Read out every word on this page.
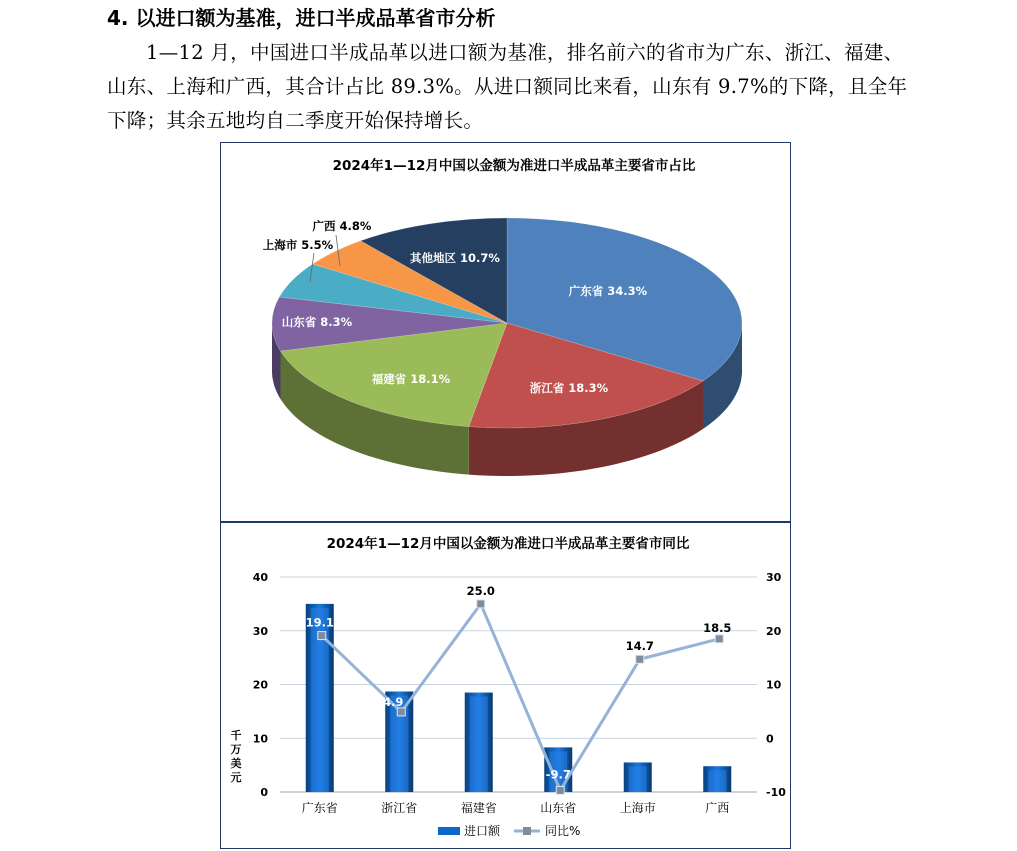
4. 以进口额为基准，进口半成品革省市分析
1—12 月，中国进口半成品革以进口额为基准，排名前六的省市为广东、浙江、福建、山东、上海和广西，其合计占比 89.3%。从进口额同比来看，山东有 9.7%的下降，且全年下降；其余五地均自二季度开始保持增长。
2024年1—12月中国以金额为准进口半成品革主要省市占比
广东省 34.3%
浙江省 18.3%
福建省 18.1%
山东省 8.3%
上海市 5.5%
广西 4.8%
其他地区 10.7%
2024年1—12月中国以金额为准进口半成品革主要省市同比
0
10
20
30
40
-10
0
10
20
30
千万美元
19.1
4.9
25.0
-9.7
14.7
18.5
广东省	浙江省	福建省	山东省	上海市	广西
进口额	同比%
